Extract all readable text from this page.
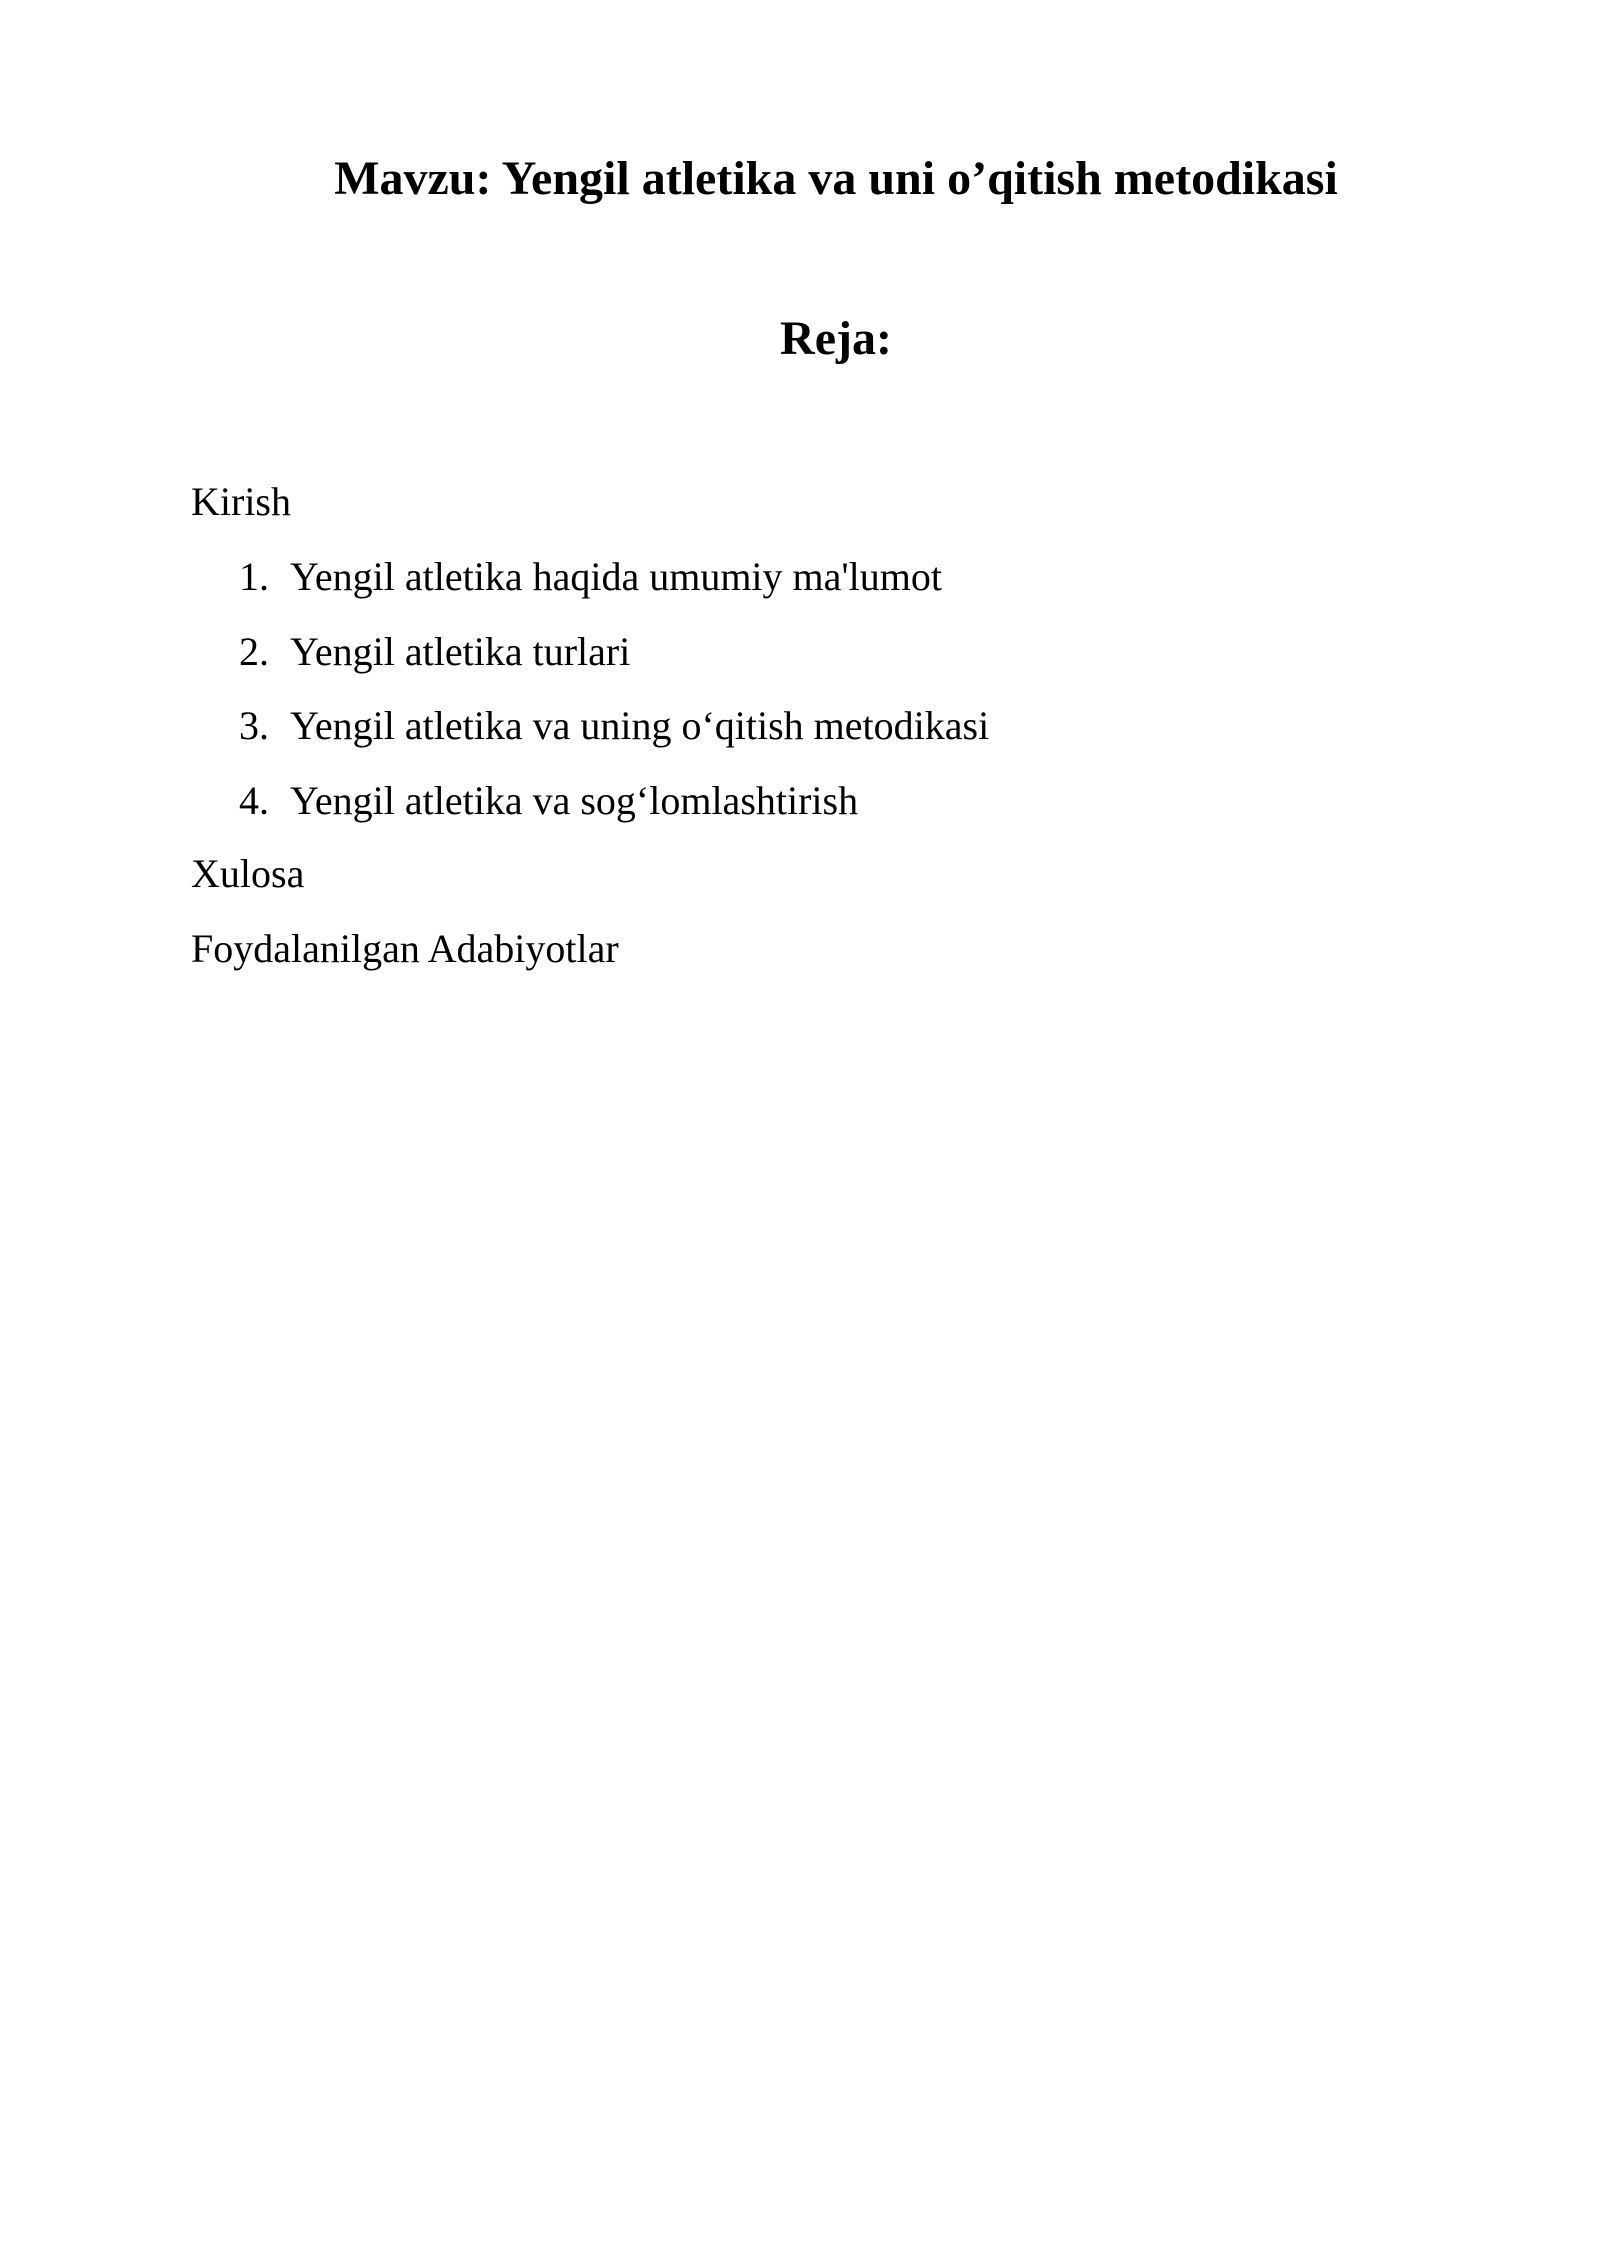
Mavzu: Yengil atletika va uni o’qitish metodikasi
Reja:

Kirish

1. Yengil atletika haqida umumiy ma'lumot
2. Yengil atletika turlari
3. Yengil atletika va uning o‘qitish metodikasi
4. Yengil atletika va sog‘lomlashtirish

Xulosa

Foydalanilgan Adabiyotlar
